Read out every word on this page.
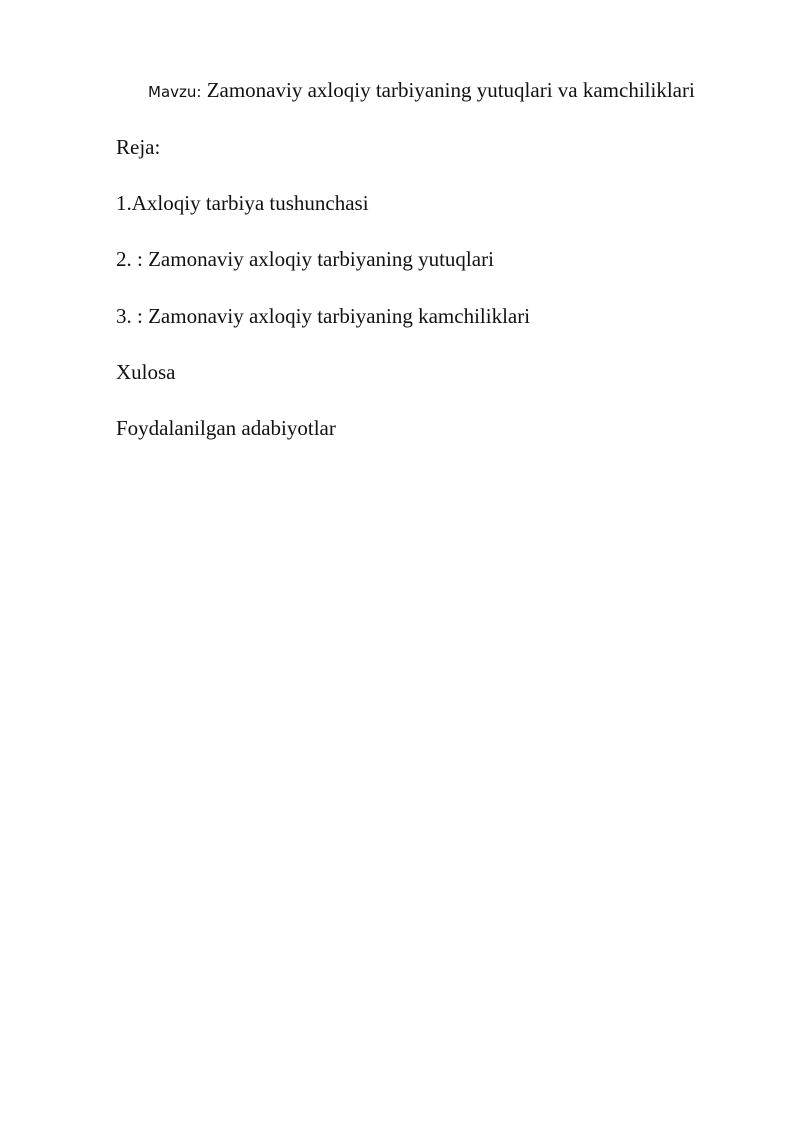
Mavzu: Zamonaviy axloqiy tarbiyaning yutuqlari va kamchiliklari
Reja:
1.Axloqiy tarbiya tushunchasi
2. : Zamonaviy axloqiy tarbiyaning yutuqlari
3. : Zamonaviy axloqiy tarbiyaning kamchiliklari
Xulosa
Foydalanilgan adabiyotlar
